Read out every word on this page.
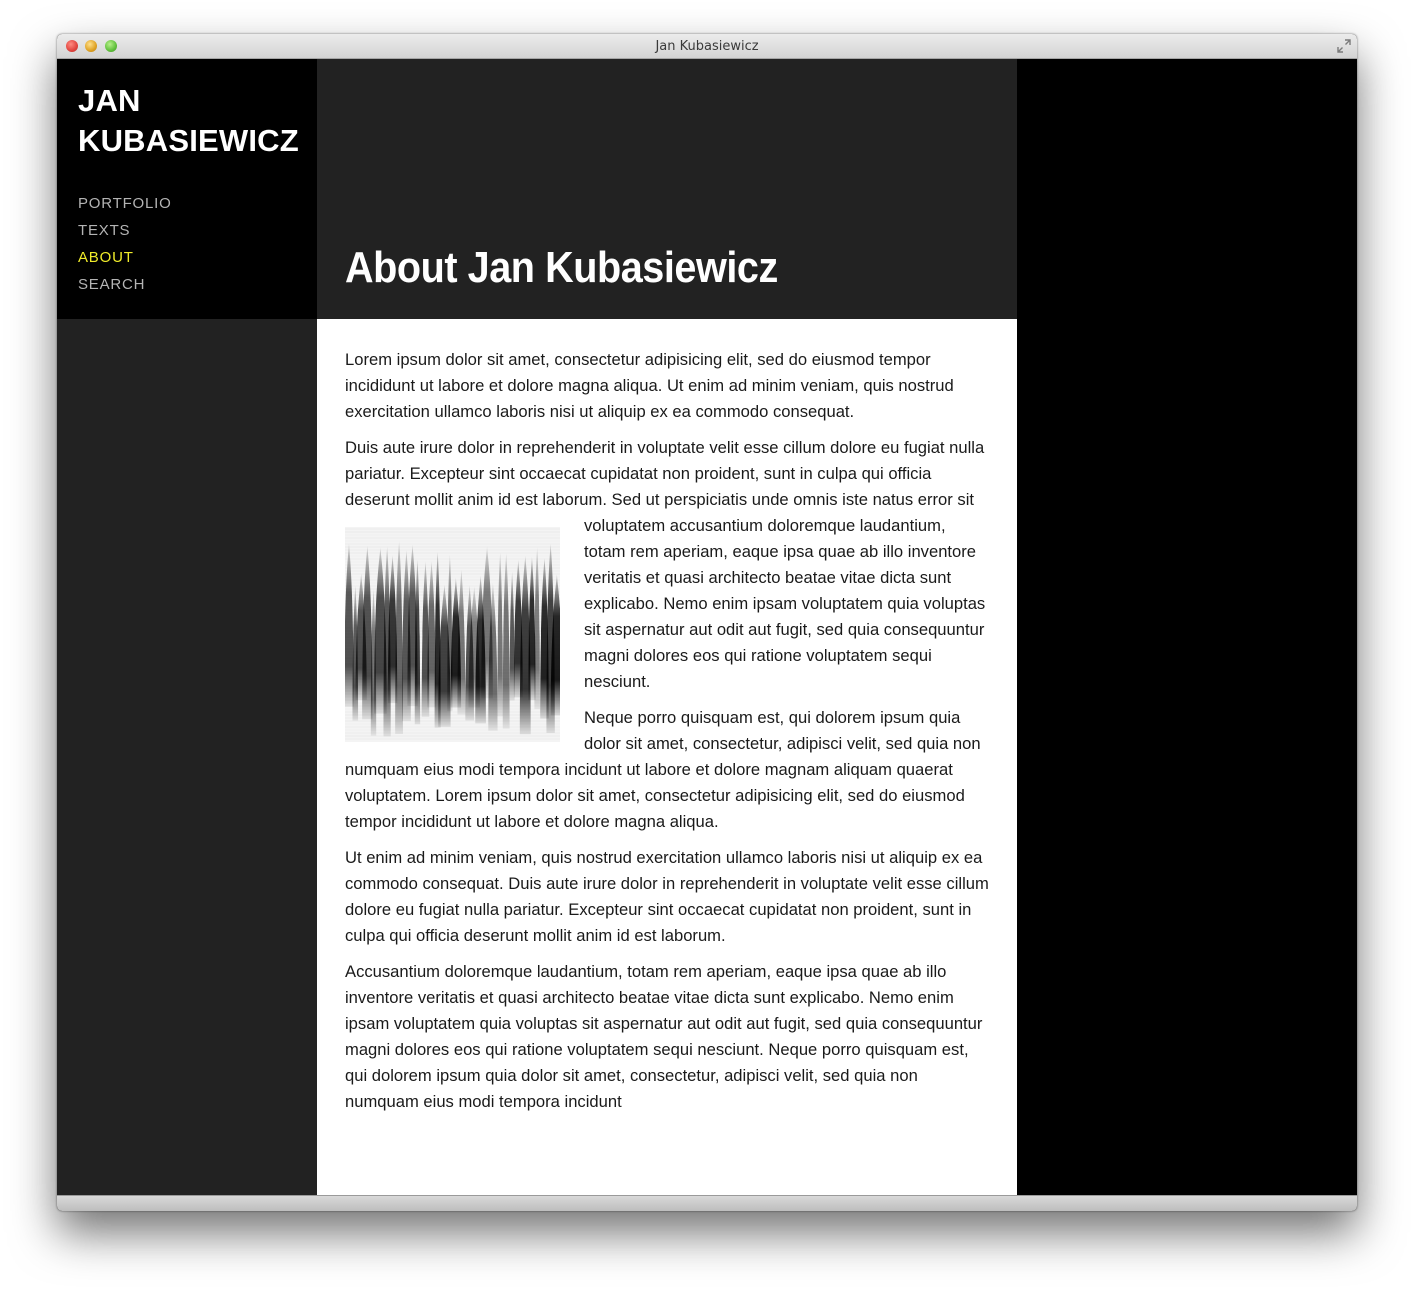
Jan Kubasiewicz
JAN
KUBASIEWICZ
PORTFOLIO
TEXTS
ABOUT
SEARCH	About Jan Kubasiewicz

Lorem ipsum dolor sit amet, consectetur adipisicing elit, sed do eiusmod tempor incididunt ut labore et dolore magna aliqua. Ut enim ad minim veniam, quis nostrud exercitation ullamco laboris nisi ut aliquip ex ea commodo consequat.

Duis aute irure dolor in reprehenderit in voluptate velit esse cillum dolore eu fugiat nulla pariatur. Excepteur sint occaecat cupidatat non proident, sunt in culpa qui officia deserunt mollit anim id est laborum. Sed ut perspiciatis unde omnis iste natus error sit voluptatem accusantium doloremque laudantium,
totam rem aperiam, eaque ipsa quae ab illo inventore veritatis et quasi architecto beatae vitae dicta sunt explicabo. Nemo enim ipsam voluptatem quia voluptas sit aspernatur aut odit aut fugit, sed quia consequuntur magni dolores eos qui ratione voluptatem sequi nesciunt.

Neque porro quisquam est, qui dolorem ipsum quia dolor sit amet, consectetur, adipisci velit, sed quia non numquam eius modi tempora incidunt ut labore et dolore magnam aliquam quaerat voluptatem. Lorem ipsum dolor sit amet, consectetur adipisicing elit, sed do eiusmod tempor incididunt ut labore et dolore magna aliqua.

Ut enim ad minim veniam, quis nostrud exercitation ullamco laboris nisi ut aliquip ex ea commodo consequat. Duis aute irure dolor in reprehenderit in voluptate velit esse cillum dolore eu fugiat nulla pariatur. Excepteur sint occaecat cupidatat non proident, sunt in culpa qui officia deserunt mollit anim id est laborum.

Accusantium doloremque laudantium, totam rem aperiam, eaque ipsa quae ab illo inventore veritatis et quasi architecto beatae vitae dicta sunt explicabo. Nemo enim ipsam voluptatem quia voluptas sit aspernatur aut odit aut fugit, sed quia consequuntur magni dolores eos qui ratione voluptatem sequi nesciunt. Neque porro quisquam est, qui dolorem ipsum quia dolor sit amet, consectetur, adipisci velit, sed quia non numquam eius modi tempora incidunt
